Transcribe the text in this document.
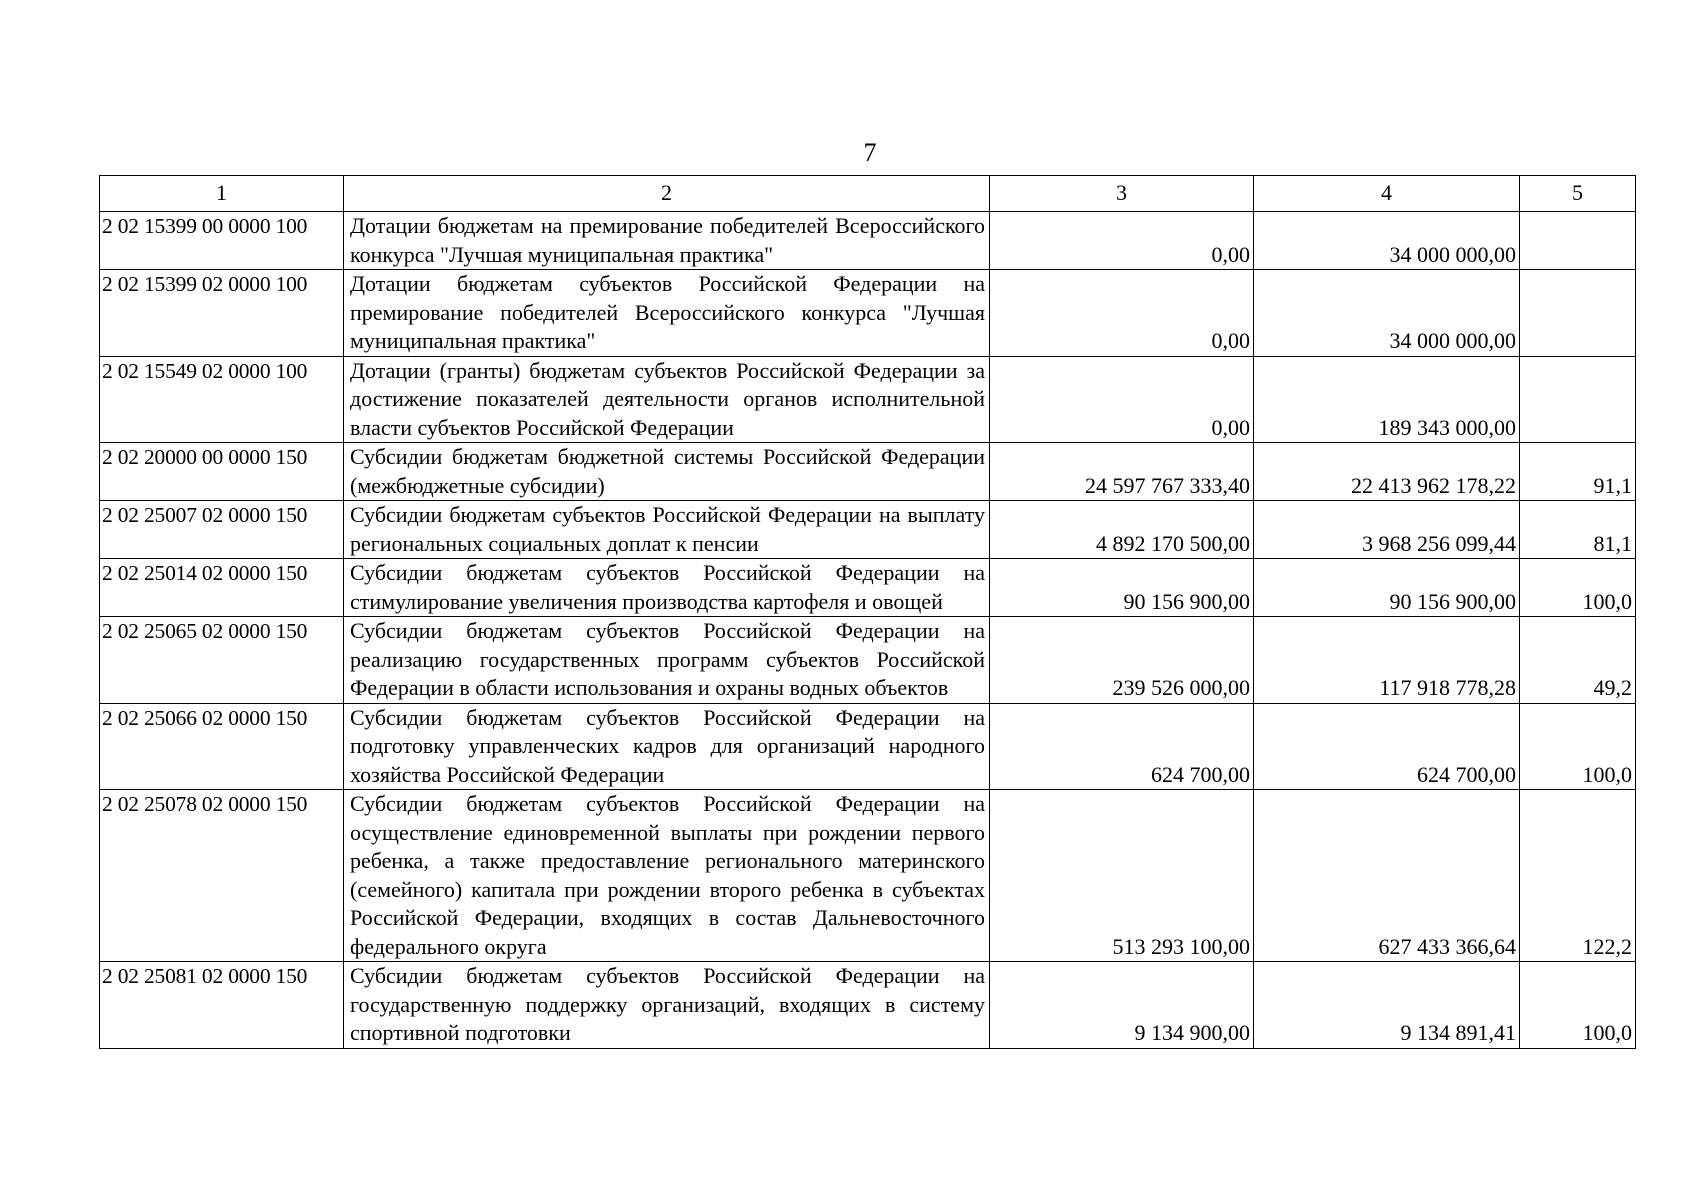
7
1	2	3	4	5
2 02 15399 00 0000 100	Дотации бюджетам на премирование победителей Всероссийского конкурса "Лучшая муниципальная практика"	0,00	34 000 000,00	
2 02 15399 02 0000 100	Дотации бюджетам субъектов Российской Федерации на премирование победителей Всероссийского конкурса "Лучшая муниципальная практика"	0,00	34 000 000,00	
2 02 15549 02 0000 100	Дотации (гранты) бюджетам субъектов Российской Федерации за достижение показателей деятельности органов исполнительной власти субъектов Российской Федерации	0,00	189 343 000,00	
2 02 20000 00 0000 150	Субсидии бюджетам бюджетной системы Российской Федерации (межбюджетные субсидии)	24 597 767 333,40	22 413 962 178,22	91,1
2 02 25007 02 0000 150	Субсидии бюджетам субъектов Российской Федерации на выплату региональных социальных доплат к пенсии	4 892 170 500,00	3 968 256 099,44	81,1
2 02 25014 02 0000 150	Субсидии бюджетам субъектов Российской Федерации на стимулирование увеличения производства картофеля и овощей	90 156 900,00	90 156 900,00	100,0
2 02 25065 02 0000 150	Субсидии бюджетам субъектов Российской Федерации на реализацию государственных программ субъектов Российской Федерации в области использования и охраны водных объектов	239 526 000,00	117 918 778,28	49,2
2 02 25066 02 0000 150	Субсидии бюджетам субъектов Российской Федерации на подготовку управленческих кадров для организаций народного хозяйства Российской Федерации	624 700,00	624 700,00	100,0
2 02 25078 02 0000 150	Субсидии бюджетам субъектов Российской Федерации на осуществление единовременной выплаты при рождении первого ребенка, а также предоставление регионального материнского (семейного) капитала при рождении второго ребенка в субъектах Российской Федерации, входящих в состав Дальневосточного федерального округа	513 293 100,00	627 433 366,64	122,2
2 02 25081 02 0000 150	Субсидии бюджетам субъектов Российской Федерации на государственную поддержку организаций, входящих в систему спортивной подготовки	9 134 900,00	9 134 891,41	100,0
